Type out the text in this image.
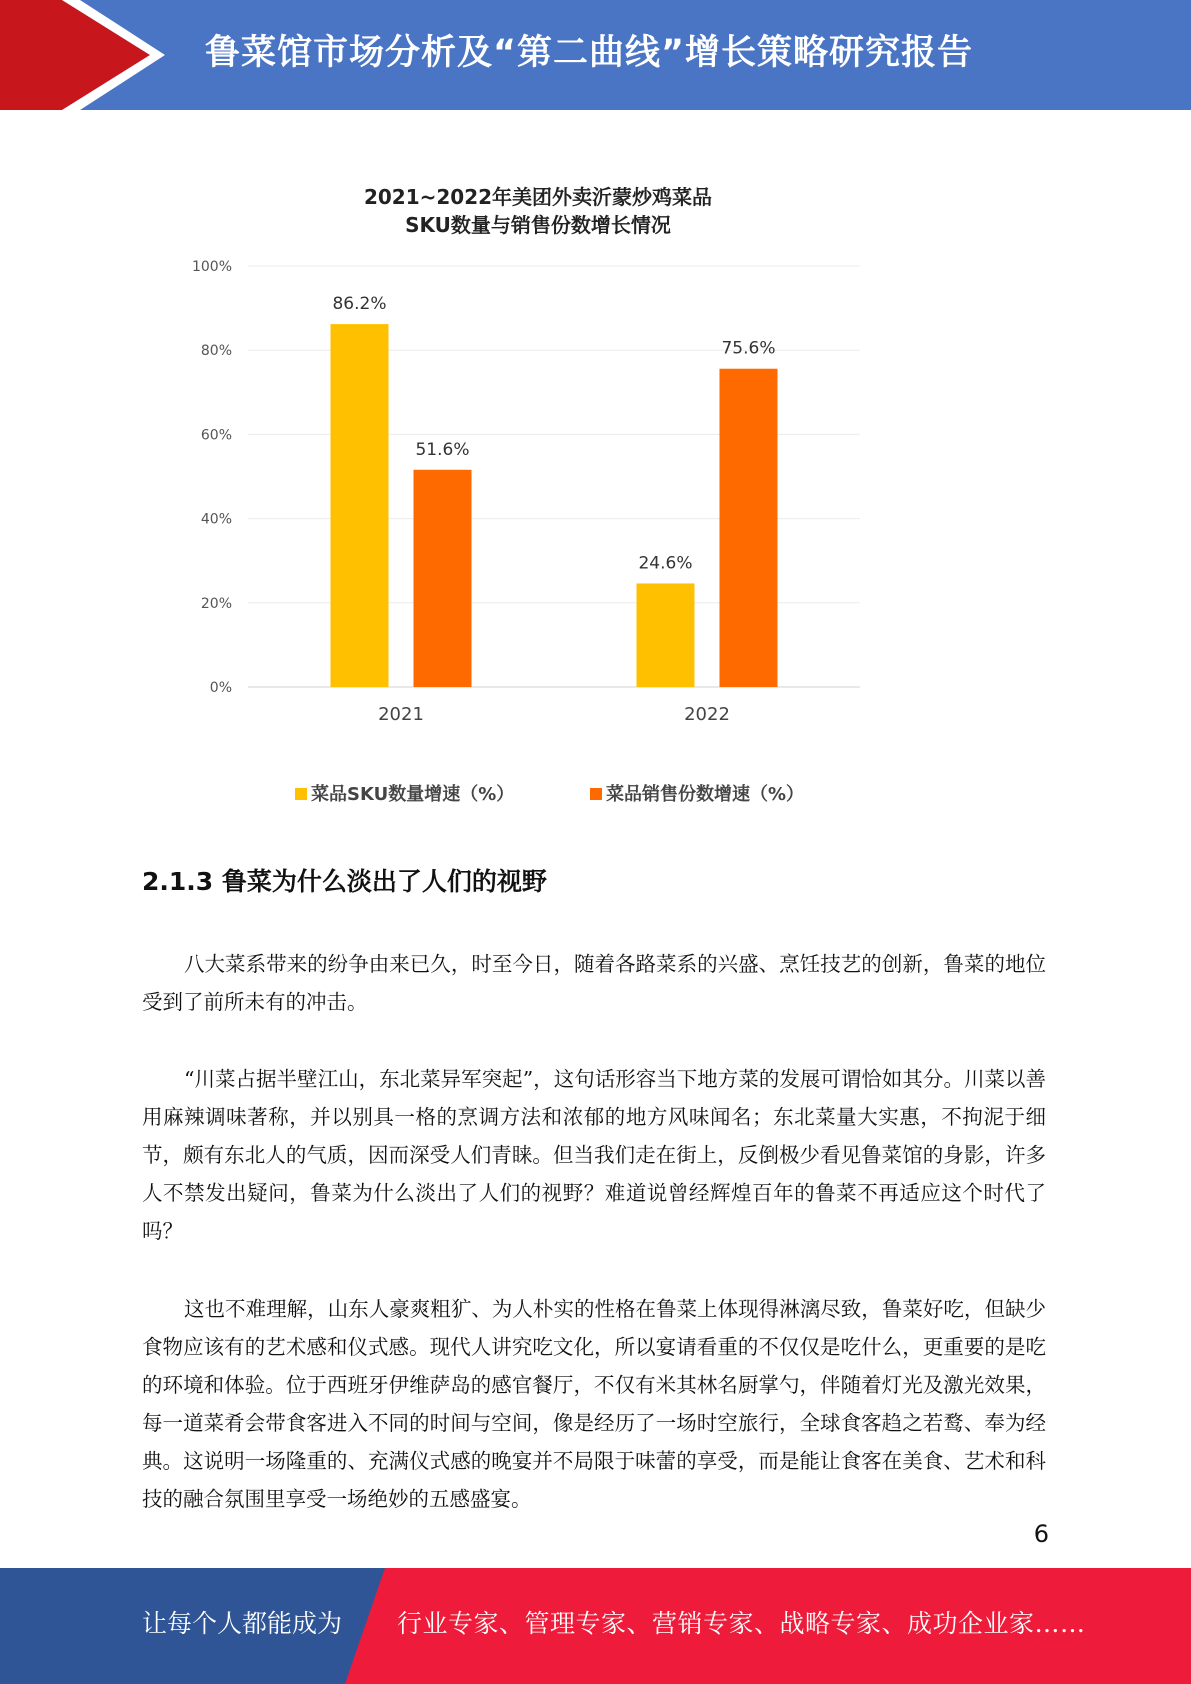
鲁菜馆市场分析及“第二曲线”增长策略研究报告
2021~2022年美团外卖沂蒙炒鸡菜品
SKU数量与销售份数增长情况
0%
20%
40%
60%
80%
100%
86.2%
51.6%
2021
24.6%
75.6%
2022
菜品SKU数量增速（%）	菜品销售份数增速（%）
2.1.3 鲁菜为什么淡出了人们的视野

八大菜系带来的纷争由来已久，时至今日，随着各路菜系的兴盛、烹饪技艺的创新，鲁菜的地位受到了前所未有的冲击。

“川菜占据半壁江山，东北菜异军突起”，这句话形容当下地方菜的发展可谓恰如其分。川菜以善用麻辣调味著称，并以别具一格的烹调方法和浓郁的地方风味闻名；东北菜量大实惠，不拘泥于细节，颇有东北人的气质，因而深受人们青睐。但当我们走在街上，反倒极少看见鲁菜馆的身影，许多人不禁发出疑问，鲁菜为什么淡出了人们的视野？难道说曾经辉煌百年的鲁菜不再适应这个时代了吗？

这也不难理解，山东人豪爽粗犷、为人朴实的性格在鲁菜上体现得淋漓尽致，鲁菜好吃，但缺少食物应该有的艺术感和仪式感。现代人讲究吃文化，所以宴请看重的不仅仅是吃什么，更重要的是吃的环境和体验。位于西班牙伊维萨岛的感官餐厅，不仅有米其林名厨掌勺，伴随着灯光及激光效果，每一道菜肴会带食客进入不同的时间与空间，像是经历了一场时空旅行，全球食客趋之若鹜、奉为经典。这说明一场隆重的、充满仪式感的晚宴并不局限于味蕾的享受，而是能让食客在美食、艺术和科技的融合氛围里享受一场绝妙的五感盛宴。

6
让每个人都能成为 行业专家、管理专家、营销专家、战略专家、成功企业家……
